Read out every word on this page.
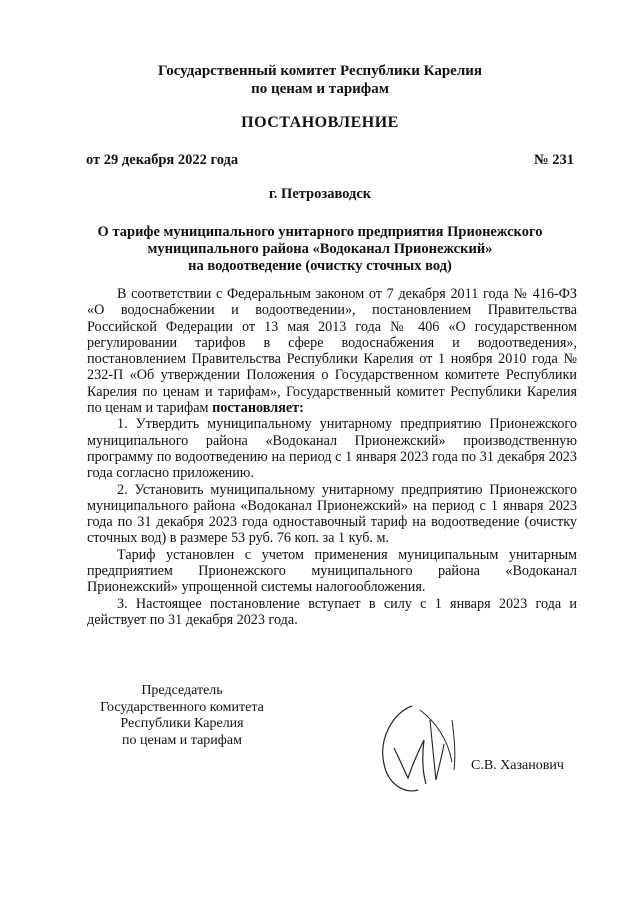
Государственный комитет Республики Карелия
по ценам и тарифам
ПОСТАНОВЛЕНИЕ
от 29 декабря 2022 года	№ 231
г. Петрозаводск
О тарифе муниципального унитарного предприятия Прионежского
муниципального района «Водоканал Прионежский»
на водоотведение (очистку сточных вод)

В соответствии с Федеральным законом от 7 декабря 2011 года № 416-ФЗ «О водоснабжении и водоотведении», постановлением Правительства Российской Федерации от 13 мая 2013 года № 406 «О государственном регулировании тарифов в сфере водоснабжения и водоотведения», постановлением Правительства Республики Карелия от 1 ноября 2010 года № 232-П «Об утверждении Положения о Государственном комитете Республики Карелия по ценам и тарифам», Государственный комитет Республики Карелия по ценам и тарифам постановляет:

1. Утвердить муниципальному унитарному предприятию Прионежского муниципального района «Водоканал Прионежский» производственную программу по водоотведению на период с 1 января 2023 года по 31 декабря 2023 года согласно приложению.

2. Установить муниципальному унитарному предприятию Прионежского муниципального района «Водоканал Прионежский» на период с 1 января 2023 года по 31 декабря 2023 года одноставочный тариф на водоотведение (очистку сточных вод) в размере 53 руб. 76 коп. за 1 куб. м.

Тариф установлен с учетом применения муниципальным унитарным предприятием Прионежского муниципального района «Водоканал Прионежский» упрощенной системы налогообложения.

3. Настоящее постановление вступает в силу с 1 января 2023 года и действует по 31 декабря 2023 года.

Председатель
Государственного комитета
Республики Карелия
по ценам и тарифам
С.В. Хазанович
